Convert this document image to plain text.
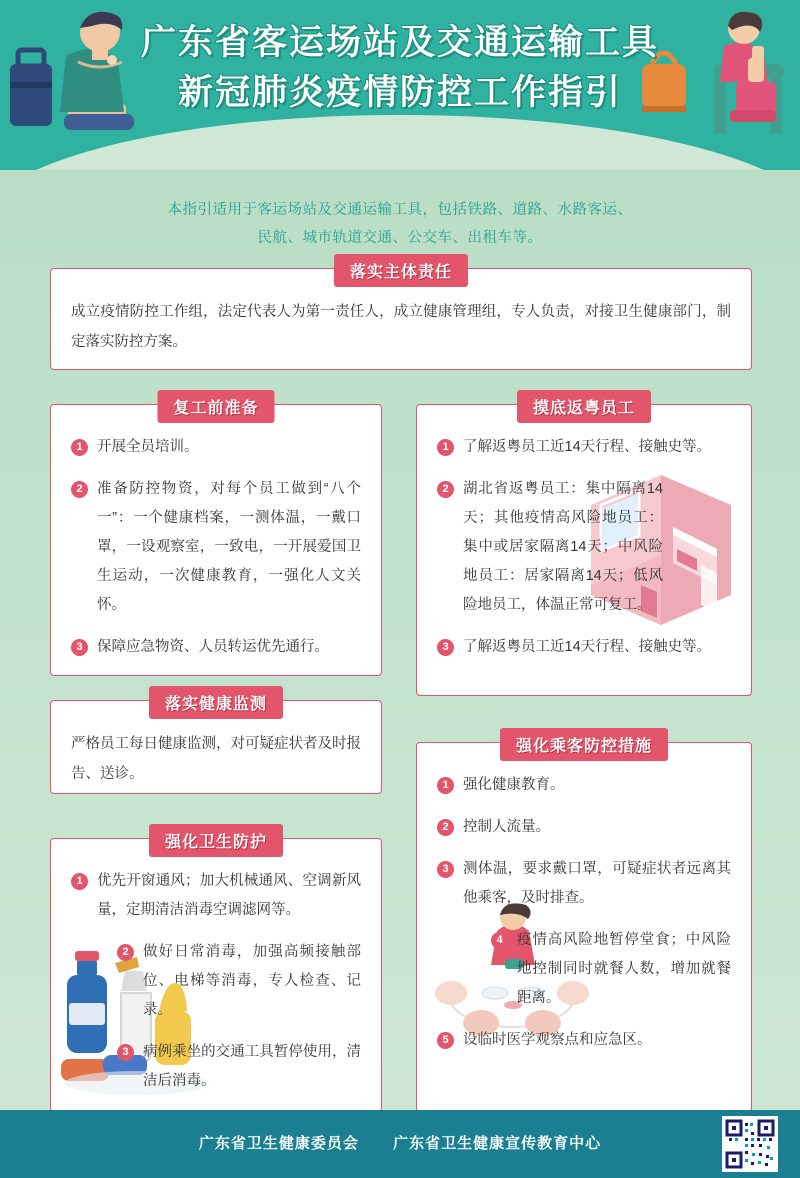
广东省客运场站及交通运输工具
新冠肺炎疫情防控工作指引
本指引适用于客运场站及交通运输工具，包括铁路、道路、水路客运、
民航、城市轨道交通、公交车、出租车等。
落实主体责任
成立疫情防控工作组，法定代表人为第一责任人，成立健康管理组，专人负责，对接卫生健康部门，制定落实防控方案。
复工前准备
1 开展全员培训。
2 准备防控物资，对每个员工做到“八个一”：一个健康档案，一测体温，一戴口罩，一设观察室，一致电，一开展爱国卫生运动，一次健康教育，一强化人文关怀。
3 保障应急物资、人员转运优先通行。
摸底返粤员工
1 了解返粤员工近14天行程、接触史等。
2 湖北省返粤员工：集中隔离14天；其他疫情高风险地员工：集中或居家隔离14天；中风险地员工：居家隔离14天；低风险地员工，体温正常可复工。
3 了解返粤员工近14天行程、接触史等。
落实健康监测
严格员工每日健康监测，对可疑症状者及时报告、送诊。
强化卫生防护
1 优先开窗通风；加大机械通风、空调新风量，定期清洁消毒空调滤网等。
2 做好日常消毒，加强高频接触部位、电梯等消毒，专人检查、记录。
3 病例乘坐的交通工具暂停使用，清洁后消毒。
强化乘客防控措施
1 强化健康教育。
2 控制人流量。
3 测体温，要求戴口罩，可疑症状者远离其他乘客，及时排查。
4 疫情高风险地暂停堂食；中风险地控制同时就餐人数，增加就餐距离。
5 设临时医学观察点和应急区。
广东省卫生健康委员会 广东省卫生健康宣传教育中心
